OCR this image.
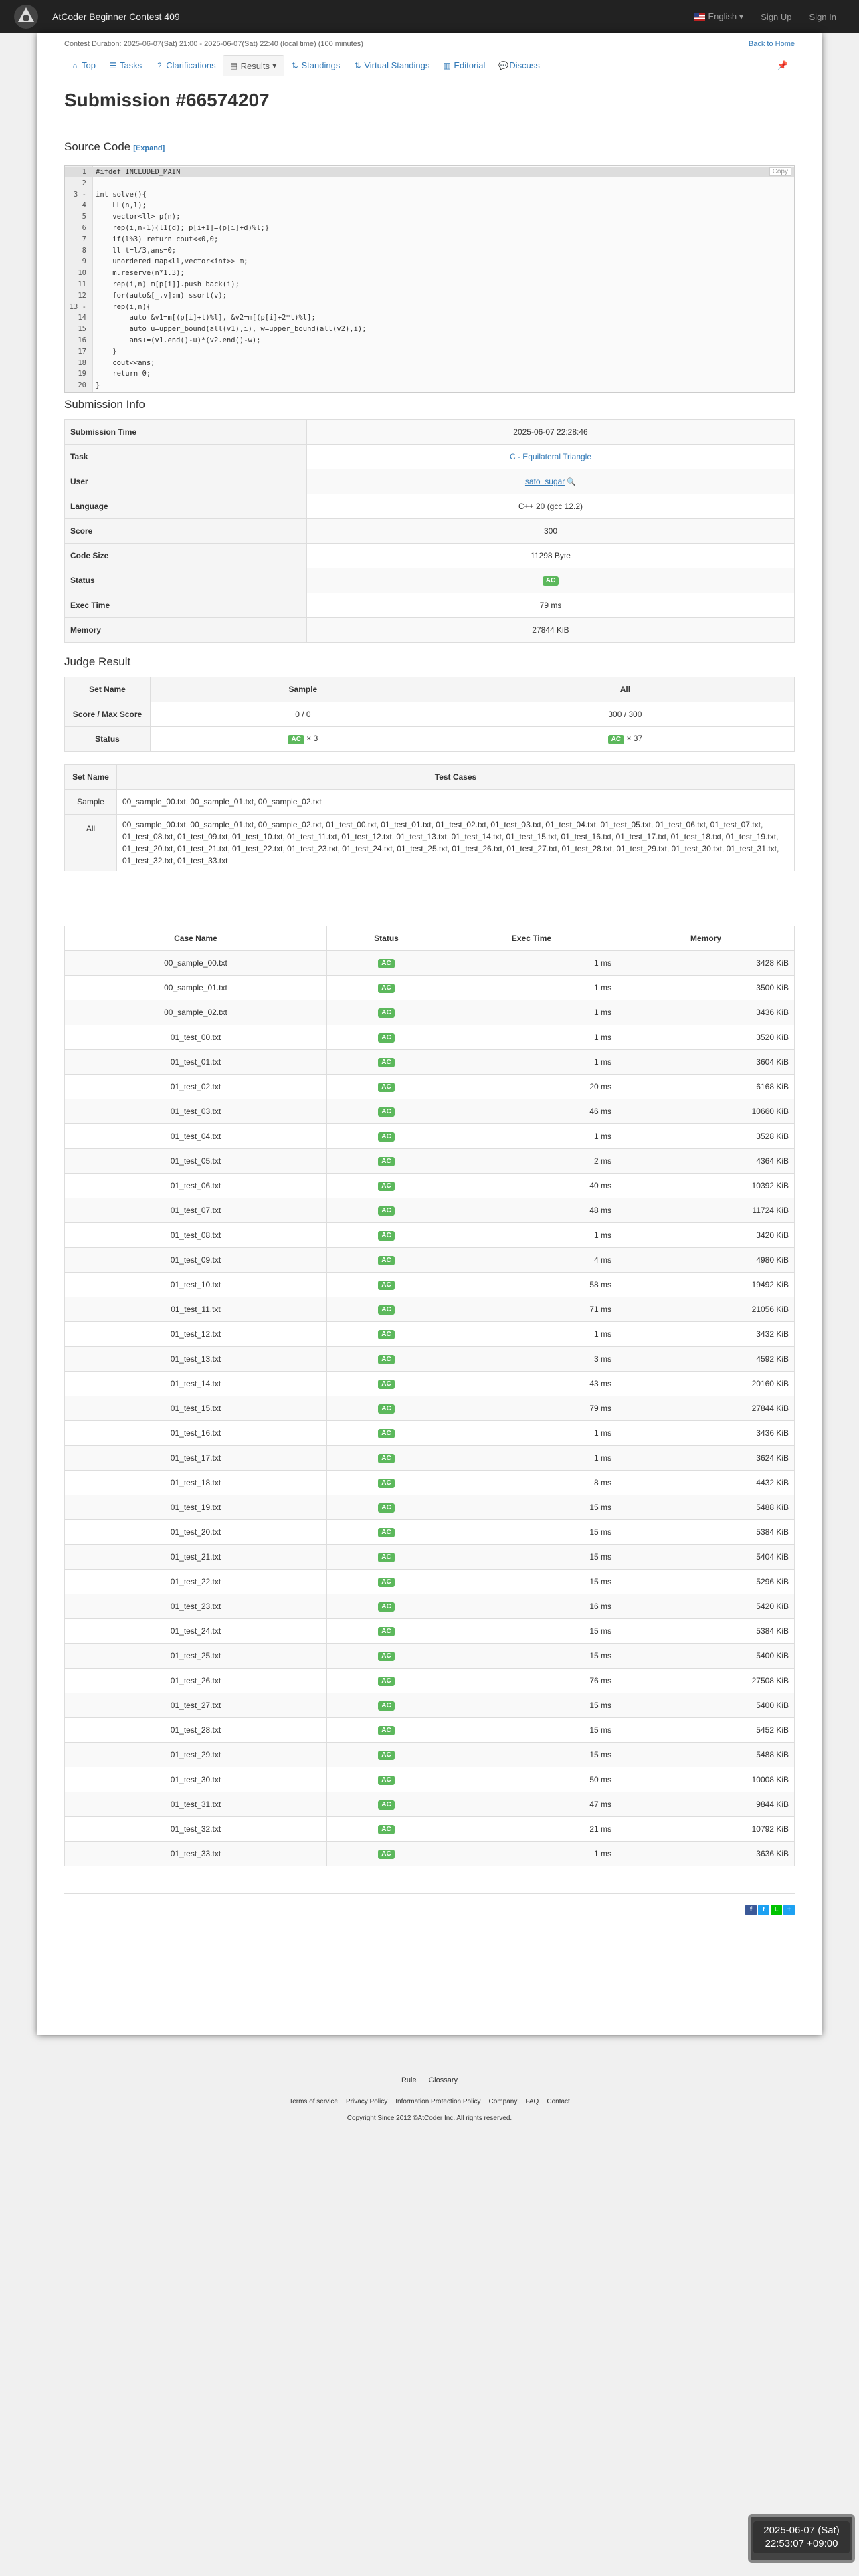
AtCoder Beginner Contest 409	English ▾ Sign Up Sign In
Contest Duration: 2025-06-07(Sat) 21:00 - 2025-06-07(Sat) 22:40 (local time) (100 minutes)	Back to Home
⌂ Top ☰ Tasks ? Clarifications ▤ Results ▾	⇅ Standings ⇅ Virtual Standings ▥ Editorial 💬 Discuss	📌
Submission #66574207
Source Code [Expand]
1 #ifdef INCLUDED_MAIN
2
3 - int solve(){
4 LL(n,l);
5 vector<ll> p(n);
6 rep(i,n-1){l1(d); p[i+1]=(p[i]+d)%l;}
7 if(l%3) return cout<<0,0;
8 ll t=l/3,ans=0;
9 unordered_map<ll,vector<int>> m;
10 m.reserve(n*1.3);
11 rep(i,n) m[p[i]].push_back(i);
12 for(auto&[_,v]:m) ssort(v);
13 - rep(i,n){
14 auto &v1=m[(p[i]+t)%l], &v2=m[(p[i]+2*t)%l];
15 auto u=upper_bound(all(v1),i), w=upper_bound(all(v2),i);
16 ans+=(v1.end()-u)*(v2.end()-w);
17 }
18 cout<<ans;
19 return 0;
20 }
Copy
Submission Info
Submission Time	2025-06-07 22:28:46
Task	C - Equilateral Triangle
User	sato_sugar 🔍
Language	C++ 20 (gcc 12.2)
Score	300
Code Size	11298 Byte
Status	AC
Exec Time	79 ms
Memory	27844 KiB
Judge Result
Set Name	Sample	All
Score / Max Score	0 / 0	300 / 300
Status	AC × 3	AC × 37
Set Name	Test Cases
Sample	00_sample_00.txt, 00_sample_01.txt, 00_sample_02.txt
All	00_sample_00.txt, 00_sample_01.txt, 00_sample_02.txt, 01_test_00.txt, 01_test_01.txt, 01_test_02.txt, 01_test_03.txt, 01_test_04.txt, 01_test_05.txt, 01_test_06.txt, 01_test_07.txt, 01_test_08.txt, 01_test_09.txt, 01_test_10.txt, 01_test_11.txt, 01_test_12.txt, 01_test_13.txt, 01_test_14.txt, 01_test_15.txt, 01_test_16.txt, 01_test_17.txt, 01_test_18.txt, 01_test_19.txt, 01_test_20.txt, 01_test_21.txt, 01_test_22.txt, 01_test_23.txt, 01_test_24.txt, 01_test_25.txt, 01_test_26.txt, 01_test_27.txt, 01_test_28.txt, 01_test_29.txt, 01_test_30.txt, 01_test_31.txt, 01_test_32.txt, 01_test_33.txt
Case Name	Status	Exec Time	Memory
00_sample_00.txt	AC	1 ms	3428 KiB
00_sample_01.txt	AC	1 ms	3500 KiB
00_sample_02.txt	AC	1 ms	3436 KiB
01_test_00.txt	AC	1 ms	3520 KiB
01_test_01.txt	AC	1 ms	3604 KiB
01_test_02.txt	AC	20 ms	6168 KiB
01_test_03.txt	AC	46 ms	10660 KiB
01_test_04.txt	AC	1 ms	3528 KiB
01_test_05.txt	AC	2 ms	4364 KiB
01_test_06.txt	AC	40 ms	10392 KiB
01_test_07.txt	AC	48 ms	11724 KiB
01_test_08.txt	AC	1 ms	3420 KiB
01_test_09.txt	AC	4 ms	4980 KiB
01_test_10.txt	AC	58 ms	19492 KiB
01_test_11.txt	AC	71 ms	21056 KiB
01_test_12.txt	AC	1 ms	3432 KiB
01_test_13.txt	AC	3 ms	4592 KiB
01_test_14.txt	AC	43 ms	20160 KiB
01_test_15.txt	AC	79 ms	27844 KiB
01_test_16.txt	AC	1 ms	3436 KiB
01_test_17.txt	AC	1 ms	3624 KiB
01_test_18.txt	AC	8 ms	4432 KiB
01_test_19.txt	AC	15 ms	5488 KiB
01_test_20.txt	AC	15 ms	5384 KiB
01_test_21.txt	AC	15 ms	5404 KiB
01_test_22.txt	AC	15 ms	5296 KiB
01_test_23.txt	AC	16 ms	5420 KiB
01_test_24.txt	AC	15 ms	5384 KiB
01_test_25.txt	AC	15 ms	5400 KiB
01_test_26.txt	AC	76 ms	27508 KiB
01_test_27.txt	AC	15 ms	5400 KiB
01_test_28.txt	AC	15 ms	5452 KiB
01_test_29.txt	AC	15 ms	5488 KiB
01_test_30.txt	AC	50 ms	10008 KiB
01_test_31.txt	AC	47 ms	9844 KiB
01_test_32.txt	AC	21 ms	10792 KiB
01_test_33.txt	AC	1 ms	3636 KiB
f	t	L	+
Rule Glossary
Terms of service Privacy Policy Information Protection Policy Company FAQ Contact
Copyright Since 2012 ©AtCoder Inc. All rights reserved.
2025-06-07 (Sat)
22:53:07 +09:00
